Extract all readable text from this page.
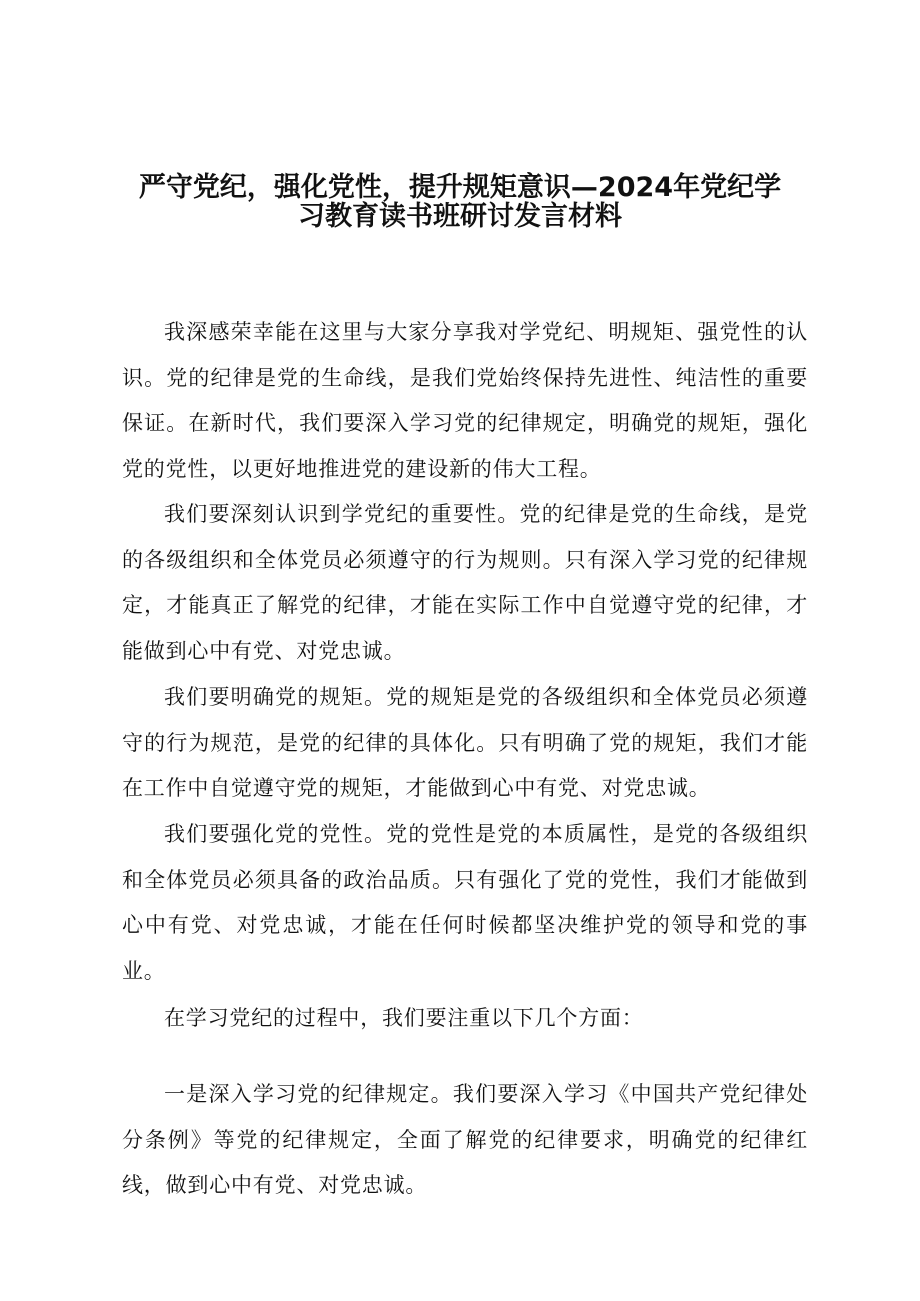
严守党纪，强化党性，提升规矩意识—2024年党纪学
习教育读书班研讨发言材料

我深感荣幸能在这里与大家分享我对学党纪、明规矩、强党性的认识。党的纪律是党的生命线，是我们党始终保持先进性、纯洁性的重要保证。在新时代，我们要深入学习党的纪律规定，明确党的规矩，强化党的党性，以更好地推进党的建设新的伟大工程。

我们要深刻认识到学党纪的重要性。党的纪律是党的生命线，是党的各级组织和全体党员必须遵守的行为规则。只有深入学习党的纪律规定，才能真正了解党的纪律，才能在实际工作中自觉遵守党的纪律，才能做到心中有党、对党忠诚。

我们要明确党的规矩。党的规矩是党的各级组织和全体党员必须遵守的行为规范，是党的纪律的具体化。只有明确了党的规矩，我们才能在工作中自觉遵守党的规矩，才能做到心中有党、对党忠诚。

我们要强化党的党性。党的党性是党的本质属性，是党的各级组织和全体党员必须具备的政治品质。只有强化了党的党性，我们才能做到心中有党、对党忠诚，才能在任何时候都坚决维护党的领导和党的事业。

在学习党纪的过程中，我们要注重以下几个方面：

一是深入学习党的纪律规定。我们要深入学习《中国共产党纪律处分条例》等党的纪律规定，全面了解党的纪律要求，明确党的纪律红线，做到心中有党、对党忠诚。
